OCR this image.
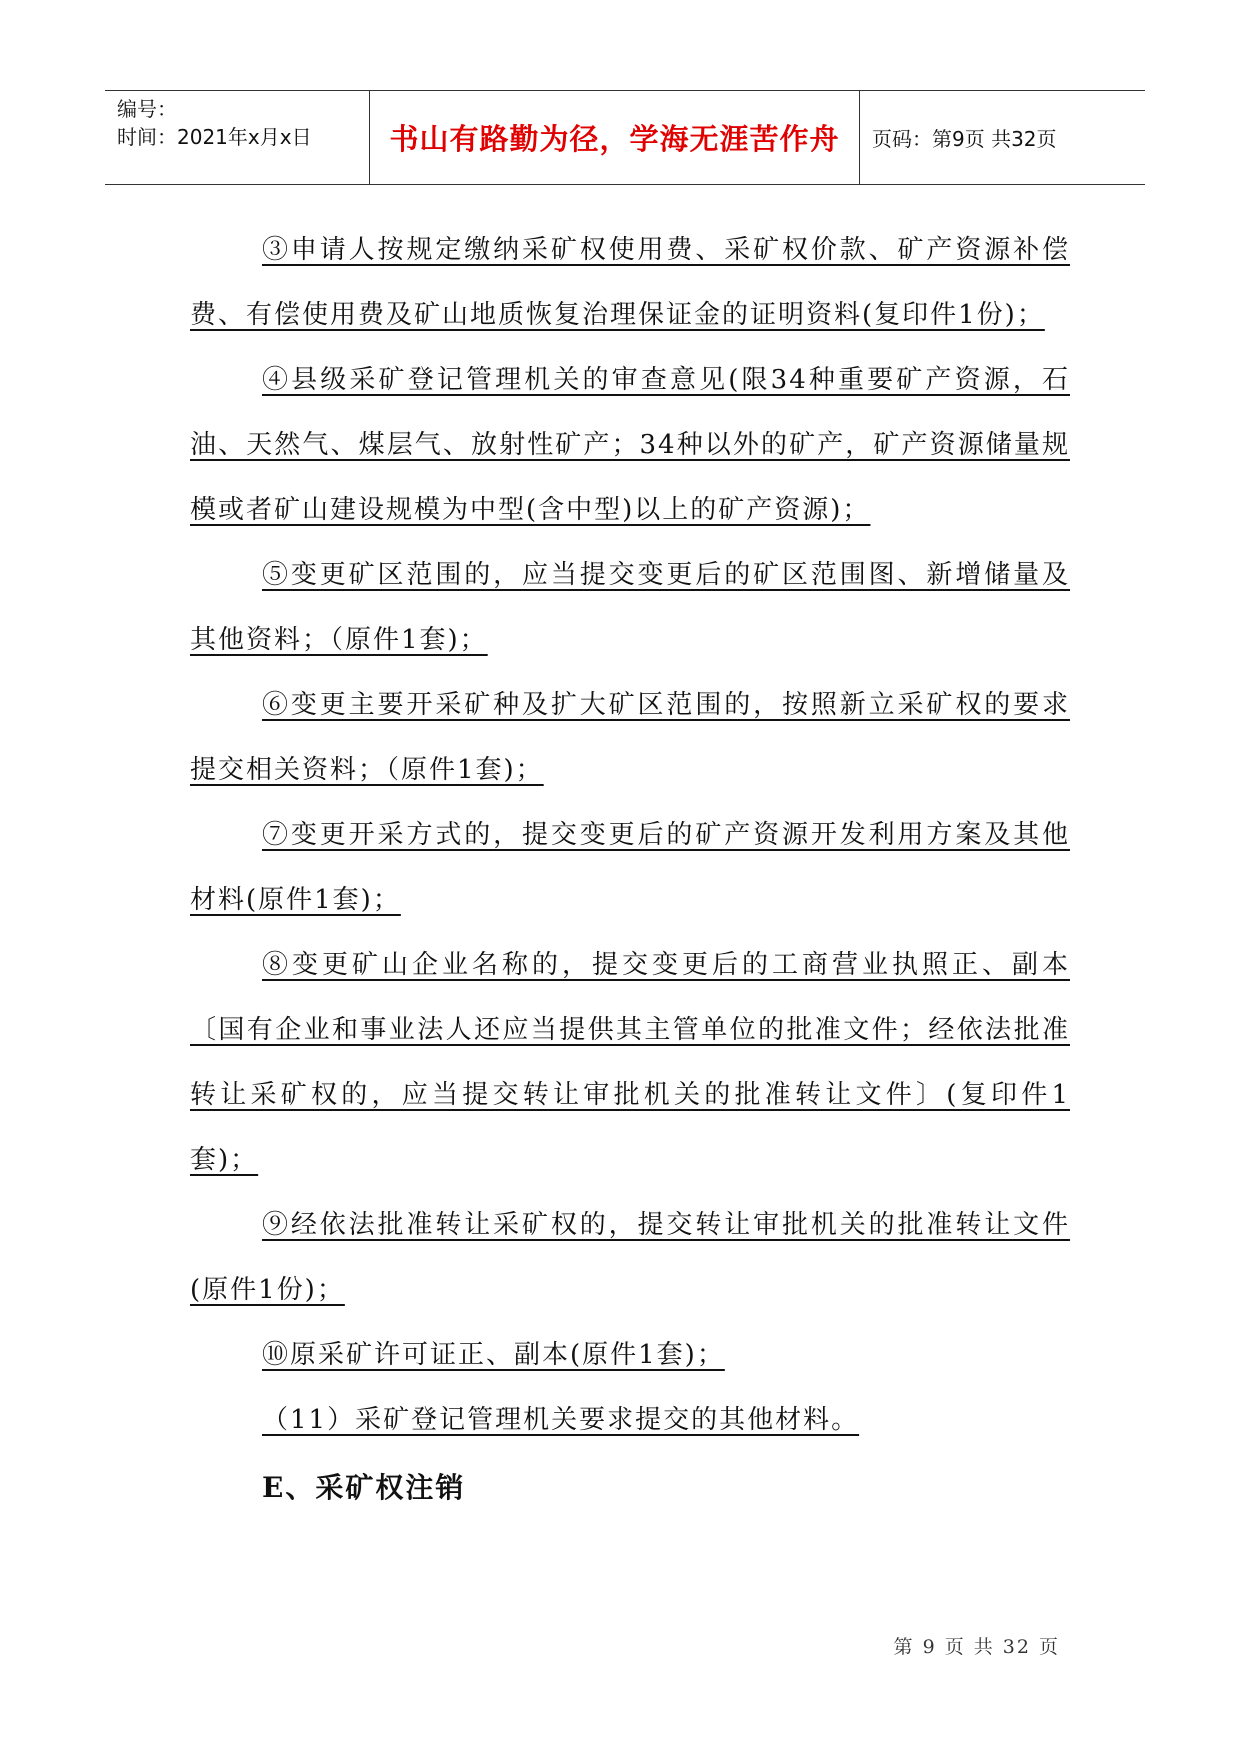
编号：
时间：2021年x月x日	书山有路勤为径，学海无涯苦作舟	页码：第9页 共32页

③申请人按规定缴纳采矿权使用费、采矿权价款、矿产资源补偿费、有偿使用费及矿山地质恢复治理保证金的证明资料(复印件1份)；

④县级采矿登记管理机关的审查意见(限34种重要矿产资源，石油、天然气、煤层气、放射性矿产；34种以外的矿产，矿产资源储量规模或者矿山建设规模为中型(含中型)以上的矿产资源)；

⑤变更矿区范围的，应当提交变更后的矿区范围图、新增储量及其他资料；（原件1套)；

⑥变更主要开采矿种及扩大矿区范围的，按照新立采矿权的要求提交相关资料；（原件1套)；

⑦变更开采方式的，提交变更后的矿产资源开发利用方案及其他材料(原件1套)；

⑧变更矿山企业名称的，提交变更后的工商营业执照正、副本〔国有企业和事业法人还应当提供其主管单位的批准文件；经依法批准转让采矿权的，应当提交转让审批机关的批准转让文件〕(复印件1套)；

⑨经依法批准转让采矿权的，提交转让审批机关的批准转让文件(原件1份)；

⑩原采矿许可证正、副本(原件1套)；

（11）采矿登记管理机关要求提交的其他材料。

E、采矿权注销

第 9 页 共 32 页
